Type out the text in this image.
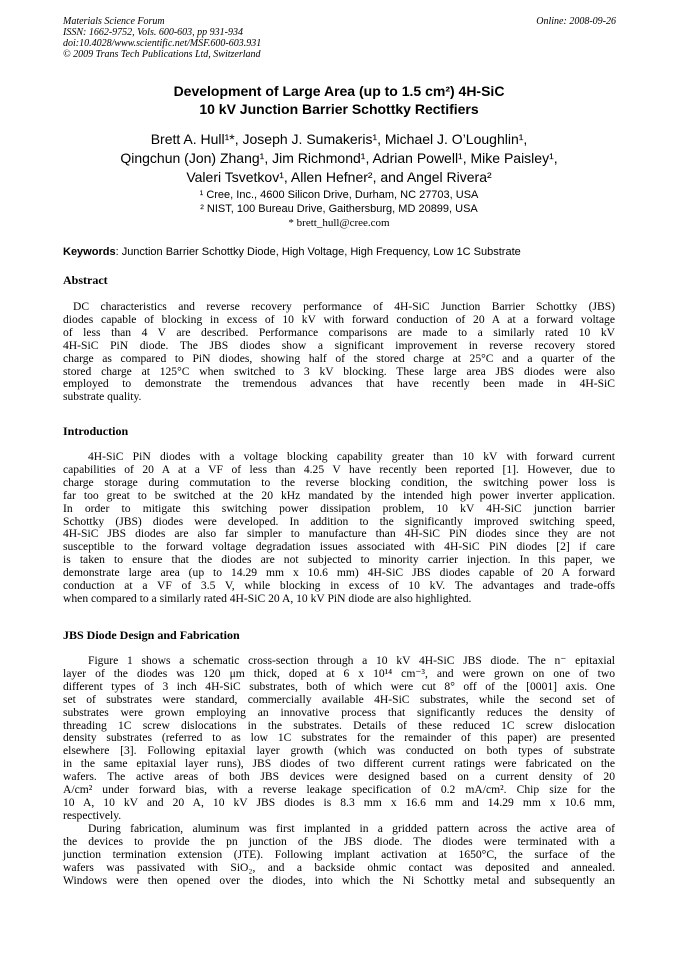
Materials Science Forum
ISSN: 1662-9752, Vols. 600-603, pp 931-934
doi:10.4028/www.scientific.net/MSF.600-603.931
© 2009 Trans Tech Publications Ltd, Switzerland
Online: 2008-09-26
Development of Large Area (up to 1.5 cm²) 4H-SiC
10 kV Junction Barrier Schottky Rectifiers
Brett A. Hull¹*, Joseph J. Sumakeris¹, Michael J. O’Loughlin¹,
Qingchun (Jon) Zhang¹, Jim Richmond¹, Adrian Powell¹, Mike Paisley¹,
Valeri Tsvetkov¹, Allen Hefner², and Angel Rivera²
¹ Cree, Inc., 4600 Silicon Drive, Durham, NC 27703, USA
² NIST, 100 Bureau Drive, Gaithersburg, MD 20899, USA
* brett_hull@cree.com
Keywords: Junction Barrier Schottky Diode, High Voltage, High Frequency, Low 1C Substrate
Abstract
DC characteristics and reverse recovery performance of 4H-SiC Junction Barrier Schottky (JBS)
diodes capable of blocking in excess of 10 kV with forward conduction of 20 A at a forward voltage
of less than 4 V are described. Performance comparisons are made to a similarly rated 10 kV
4H-SiC PiN diode. The JBS diodes show a significant improvement in reverse recovery stored
charge as compared to PiN diodes, showing half of the stored charge at 25°C and a quarter of the
stored charge at 125°C when switched to 3 kV blocking. These large area JBS diodes were also
employed to demonstrate the tremendous advances that have recently been made in 4H-SiC
substrate quality.
Introduction
4H-SiC PiN diodes with a voltage blocking capability greater than 10 kV with forward current
capabilities of 20 A at a VF of less than 4.25 V have recently been reported [1]. However, due to
charge storage during commutation to the reverse blocking condition, the switching power loss is
far too great to be switched at the 20 kHz mandated by the intended high power inverter application.
In order to mitigate this switching power dissipation problem, 10 kV 4H-SiC junction barrier
Schottky (JBS) diodes were developed. In addition to the significantly improved switching speed,
4H-SiC JBS diodes are also far simpler to manufacture than 4H-SiC PiN diodes since they are not
susceptible to the forward voltage degradation issues associated with 4H-SiC PiN diodes [2] if care
is taken to ensure that the diodes are not subjected to minority carrier injection. In this paper, we
demonstrate large area (up to 14.29 mm x 10.6 mm) 4H-SiC JBS diodes capable of 20 A forward
conduction at a VF of 3.5 V, while blocking in excess of 10 kV. The advantages and trade-offs
when compared to a similarly rated 4H-SiC 20 A, 10 kV PiN diode are also highlighted.
JBS Diode Design and Fabrication
Figure 1 shows a schematic cross-section through a 10 kV 4H-SiC JBS diode. The n⁻ epitaxial
layer of the diodes was 120 μm thick, doped at 6 x 10¹⁴ cm⁻³, and were grown on one of two
different types of 3 inch 4H-SiC substrates, both of which were cut 8° off of the [0001] axis. One
set of substrates were standard, commercially available 4H-SiC substrates, while the second set of
substrates were grown employing an innovative process that significantly reduces the density of
threading 1C screw dislocations in the substrates. Details of these reduced 1C screw dislocation
density substrates (referred to as low 1C substrates for the remainder of this paper) are presented
elsewhere [3]. Following epitaxial layer growth (which was conducted on both types of substrate
in the same epitaxial layer runs), JBS diodes of two different current ratings were fabricated on the
wafers. The active areas of both JBS devices were designed based on a current density of 20
A/cm² under forward bias, with a reverse leakage specification of 0.2 mA/cm². Chip size for the
10 A, 10 kV and 20 A, 10 kV JBS diodes is 8.3 mm x 16.6 mm and 14.29 mm x 10.6 mm,
respectively.
During fabrication, aluminum was first implanted in a gridded pattern across the active area of
the devices to provide the pn junction of the JBS diode. The diodes were terminated with a
junction termination extension (JTE). Following implant activation at 1650°C, the surface of the
wafers was passivated with SiO₂, and a backside ohmic contact was deposited and annealed.
Windows were then opened over the diodes, into which the Ni Schottky metal and subsequently an
